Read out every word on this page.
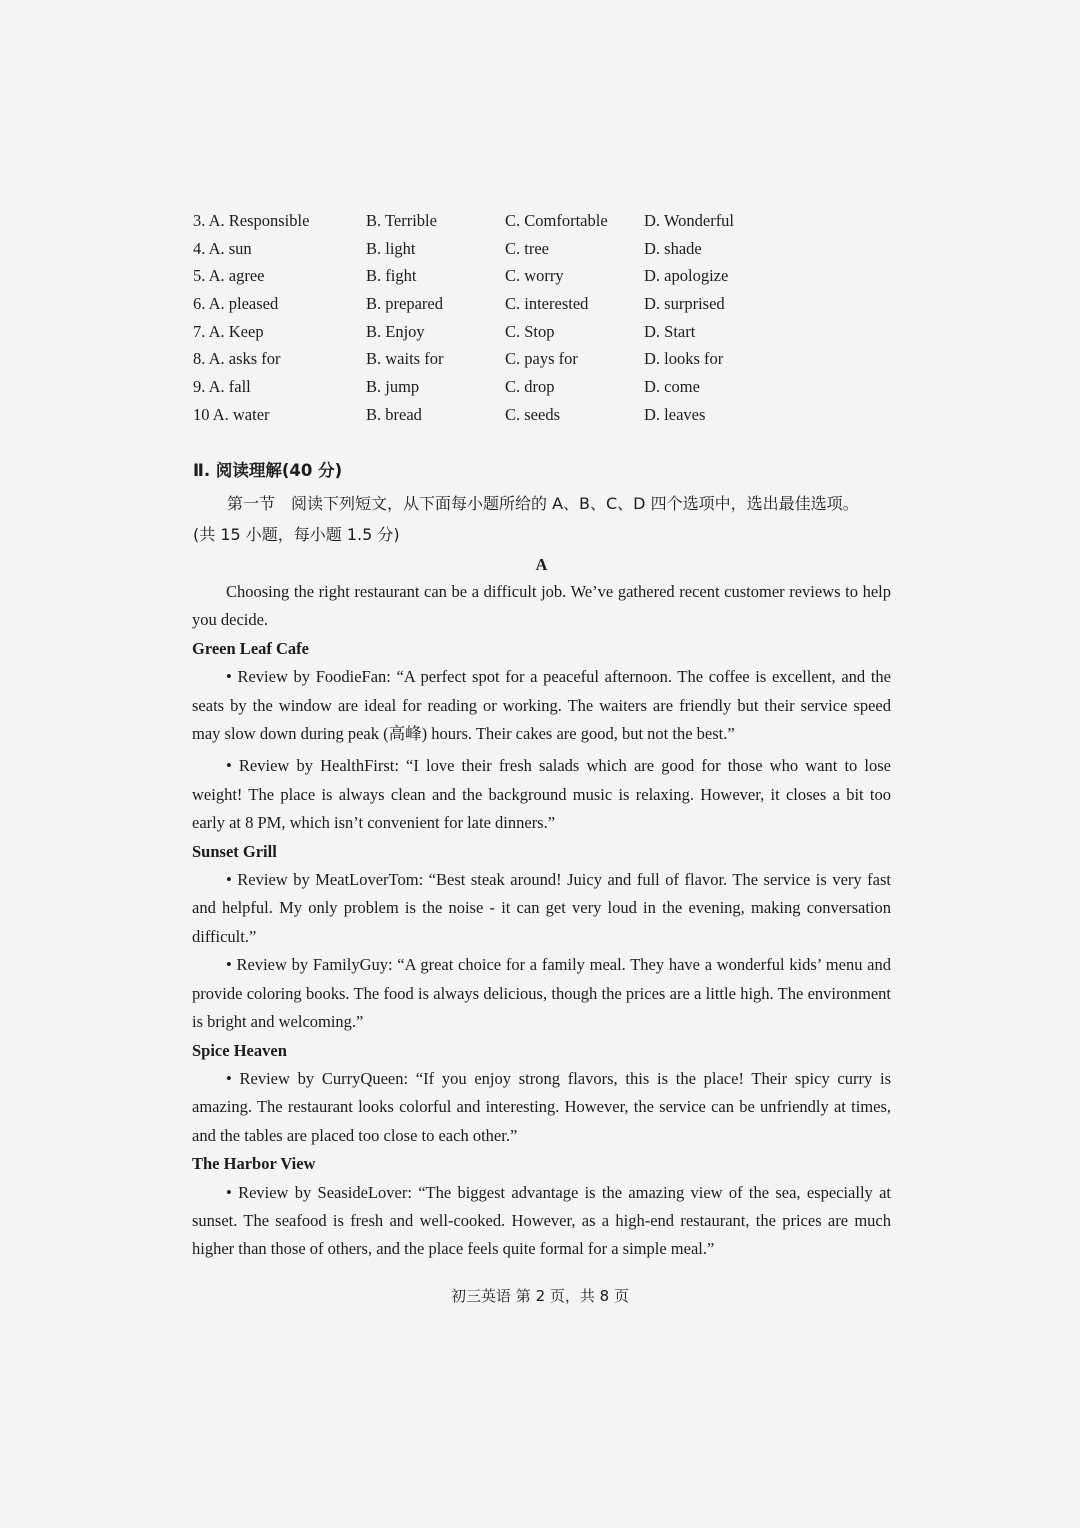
3. A. Responsible	B. Terrible	C. Comfortable D. Wonderful
4. A. sun	B. light	C. tree	D. shade
5. A. agree	B. fight	C. worry	D. apologize
6. A. pleased	B. prepared	C. interested	D. surprised
7. A. Keep	B. Enjoy	C. Stop	D. Start
8. A. asks for	B. waits for	C. pays for	D. looks for
9. A. fall	B. jump	C. drop	D. come
10 A. water	B. bread	C. seeds	D. leaves
Ⅱ. 阅读理解(40 分)
第一节　阅读下列短文，从下面每小题所给的 A、B、C、D 四个选项中，选出最佳选项。
(共 15 小题，每小题 1.5 分)
A

Choosing the right restaurant can be a difficult job. We’ve gathered recent customer reviews to help you decide.

Green Leaf Cafe

• Review by FoodieFan: “A perfect spot for a peaceful afternoon. The coffee is excellent, and the seats by the window are ideal for reading or working. The waiters are friendly but their service speed may slow down during peak (高峰) hours. Their cakes are good, but not the best.”

• Review by HealthFirst: “I love their fresh salads which are good for those who want to lose weight! The place is always clean and the background music is relaxing. However, it closes a bit too early at 8 PM, which isn’t convenient for late dinners.”

Sunset Grill

• Review by MeatLoverTom: “Best steak around! Juicy and full of flavor. The service is very fast and helpful. My only problem is the noise - it can get very loud in the evening, making conversation difficult.”

• Review by FamilyGuy: “A great choice for a family meal. They have a wonderful kids’ menu and provide coloring books. The food is always delicious, though the prices are a little high. The environment is bright and welcoming.”

Spice Heaven

• Review by CurryQueen: “If you enjoy strong flavors, this is the place! Their spicy curry is amazing. The restaurant looks colorful and interesting. However, the service can be unfriendly at times, and the tables are placed too close to each other.”

The Harbor View

• Review by SeasideLover: “The biggest advantage is the amazing view of the sea, especially at sunset. The seafood is fresh and well-cooked. However, as a high-end restaurant, the prices are much higher than those of others, and the place feels quite formal for a simple meal.”

初三英语 第 2 页，共 8 页
